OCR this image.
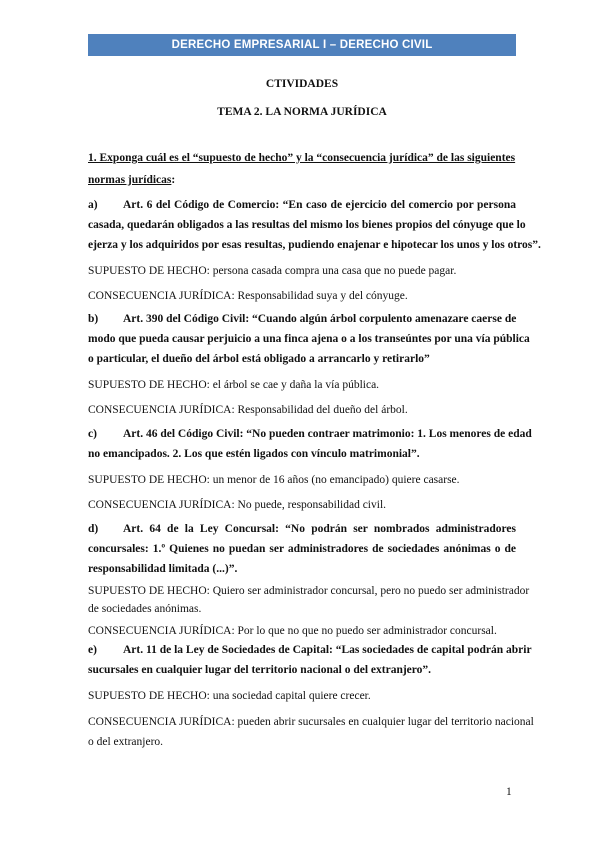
DERECHO EMPRESARIAL I – DERECHO CIVIL
CTIVIDADES
TEMA 2. LA NORMA JURÍDICA
1. Exponga cuál es el “supuesto de hecho” y la “consecuencia jurídica” de las siguientes
normas jurídicas:
a) Art. 6 del Código de Comercio: “En caso de ejercicio del comercio por persona
casada, quedarán obligados a las resultas del mismo los bienes propios del cónyuge que lo
ejerza y los adquiridos por esas resultas, pudiendo enajenar e hipotecar los unos y los otros”.
SUPUESTO DE HECHO: persona casada compra una casa que no puede pagar.
CONSECUENCIA JURÍDICA: Responsabilidad suya y del cónyuge.
b) Art. 390 del Código Civil: “Cuando algún árbol corpulento amenazare caerse de
modo que pueda causar perjuicio a una finca ajena o a los transeúntes por una vía pública
o particular, el dueño del árbol está obligado a arrancarlo y retirarlo”
SUPUESTO DE HECHO: el árbol se cae y daña la vía pública.
CONSECUENCIA JURÍDICA: Responsabilidad del dueño del árbol.
c) Art. 46 del Código Civil: “No pueden contraer matrimonio: 1. Los menores de edad
no emancipados. 2. Los que estén ligados con vínculo matrimonial”.
SUPUESTO DE HECHO: un menor de 16 años (no emancipado) quiere casarse.
CONSECUENCIA JURÍDICA: No puede, responsabilidad civil.
d) Art. 64 de la Ley Concursal: “No podrán ser nombrados administradores
concursales: 1.º Quienes no puedan ser administradores de sociedades anónimas o de
responsabilidad limitada (...)”.
SUPUESTO DE HECHO: Quiero ser administrador concursal, pero no puedo ser administrador
de sociedades anónimas.
CONSECUENCIA JURÍDICA: Por lo que no que no puedo ser administrador concursal.
e) Art. 11 de la Ley de Sociedades de Capital: “Las sociedades de capital podrán abrir
sucursales en cualquier lugar del territorio nacional o del extranjero”.
SUPUESTO DE HECHO: una sociedad capital quiere crecer.
CONSECUENCIA JURÍDICA: pueden abrir sucursales en cualquier lugar del territorio nacional
o del extranjero.
1
